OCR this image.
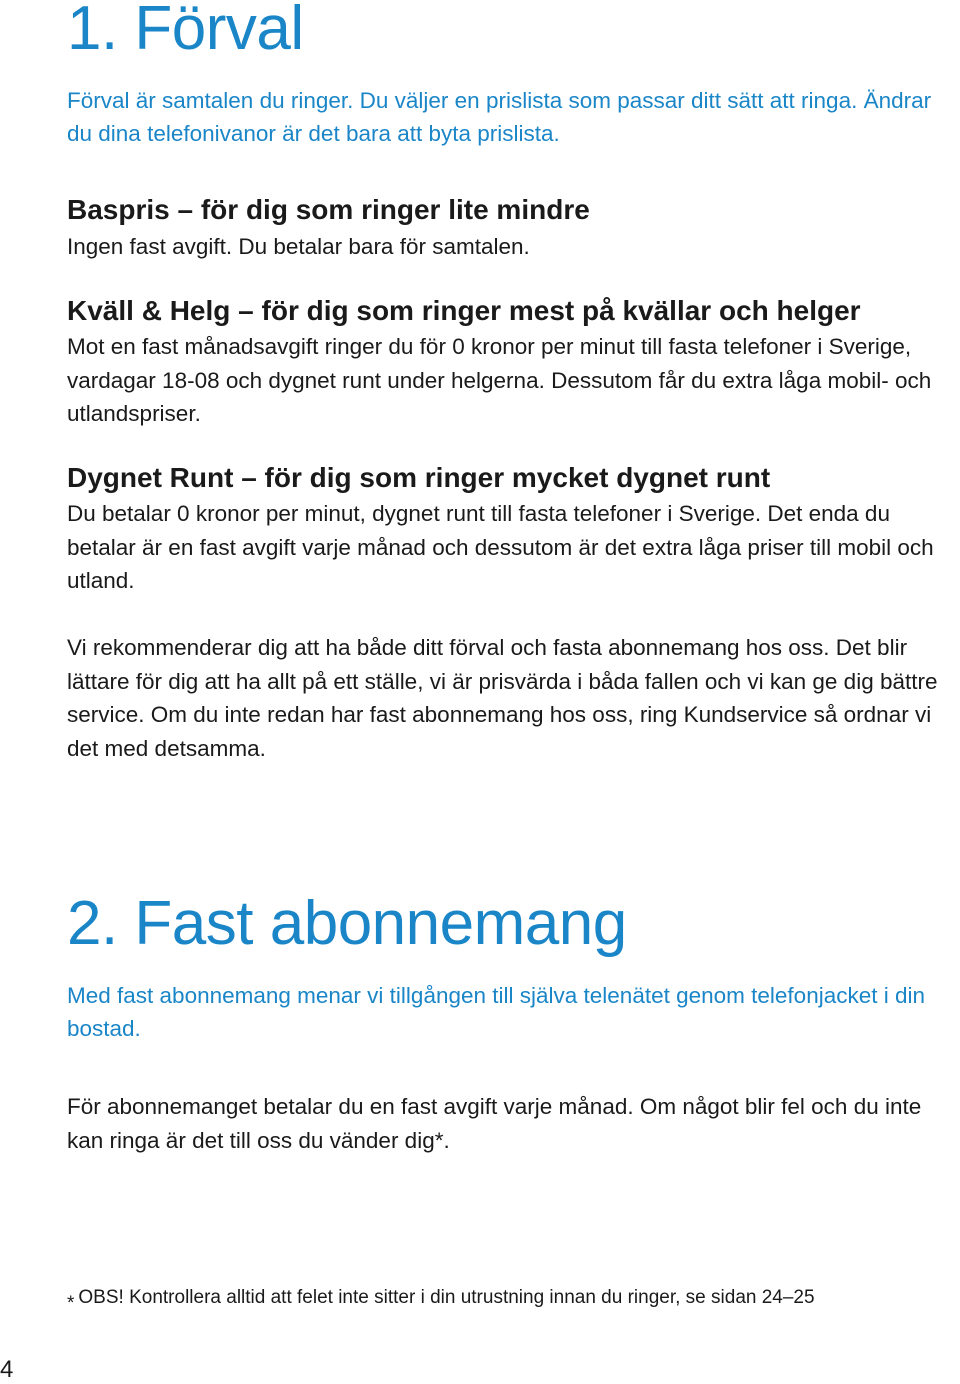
1. Förval

Förval är samtalen du ringer. Du väljer en prislista som passar ditt sätt att ringa. Ändrar du dina telefonivanor är det bara att byta prislista.

Baspris – för dig som ringer lite mindre

Ingen fast avgift. Du betalar bara för samtalen.

Kväll & Helg – för dig som ringer mest på kvällar och helger

Mot en fast månadsavgift ringer du för 0 kronor per minut till fasta telefoner i Sverige, vardagar 18-08 och dygnet runt under helgerna. Dessutom får du extra låga mobil- och utlandspriser.

Dygnet Runt – för dig som ringer mycket dygnet runt

Du betalar 0 kronor per minut, dygnet runt till fasta telefoner i Sverige. Det enda du betalar är en fast avgift varje månad och dessutom är det extra låga priser till mobil och utland.

Vi rekommenderar dig att ha både ditt förval och fasta abonnemang hos oss. Det blir lättare för dig att ha allt på ett ställe, vi är prisvärda i båda fallen och vi kan ge dig bättre service. Om du inte redan har fast abonnemang hos oss, ring Kundservice så ordnar vi det med detsamma.

2. Fast abonnemang

Med fast abonnemang menar vi tillgången till själva telenätet genom telefonjacket i din bostad.

För abonnemanget betalar du en fast avgift varje månad. Om något blir fel och du inte kan ringa är det till oss du vänder dig*.

* OBS! Kontrollera alltid att felet inte sitter i din utrustning innan du ringer, se sidan 24–25
4
